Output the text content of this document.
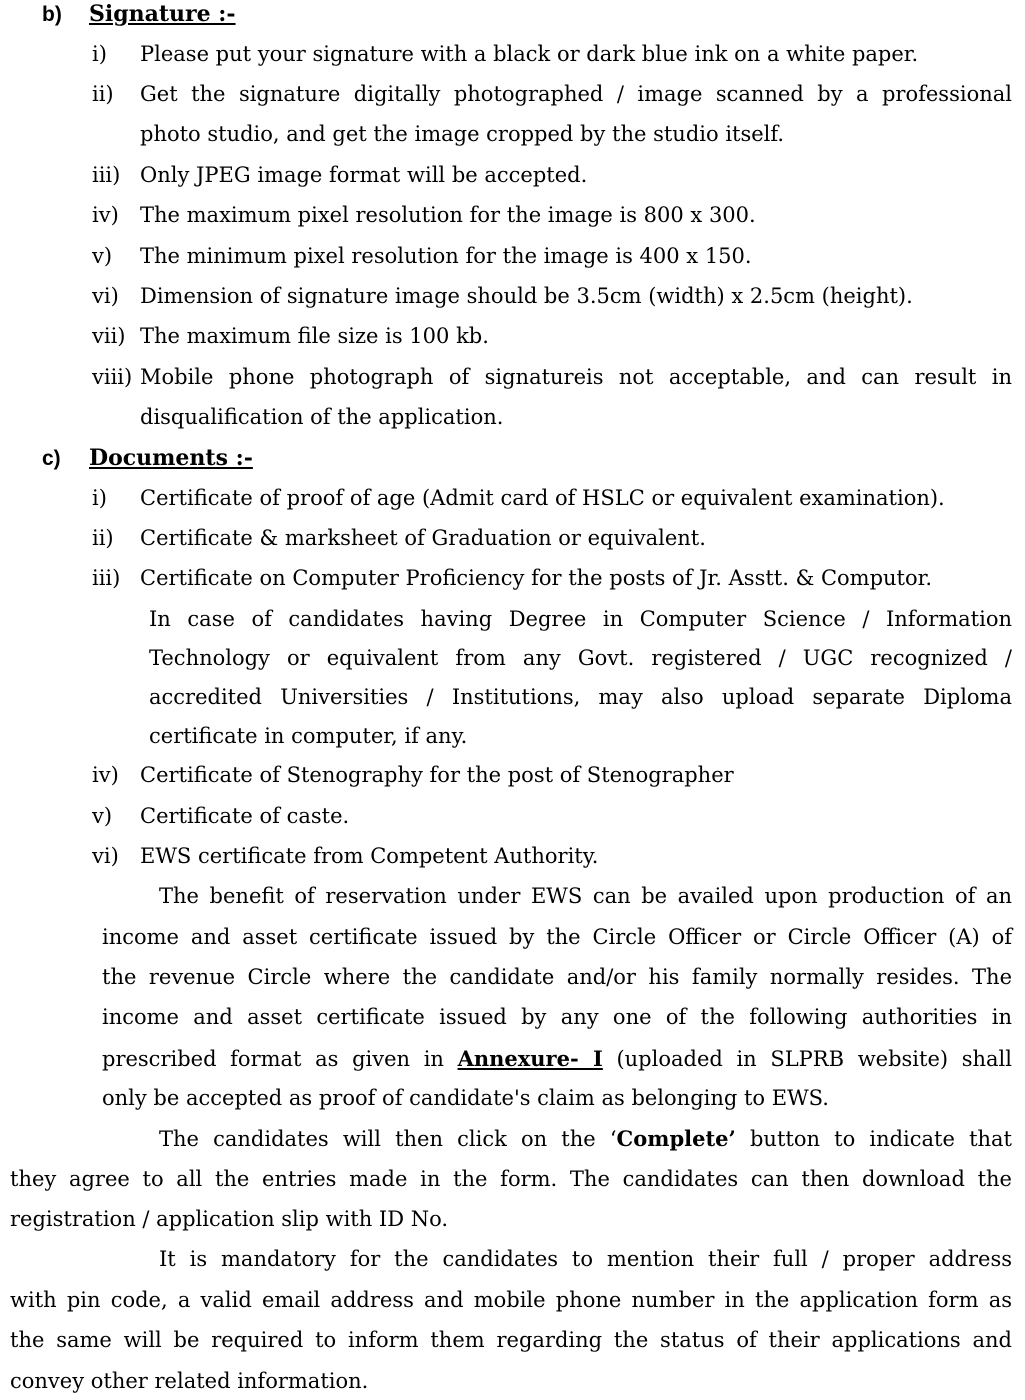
b) Signature :-
i)	Please put your signature with a black or dark blue ink on a white paper.
ii)	Get the signature digitally photographed / image scanned by a professional
photo studio, and get the image cropped by the studio itself.
iii) Only JPEG image format will be accepted.
iv)	The maximum pixel resolution for the image is 800 x 300.
v)	The minimum pixel resolution for the image is 400 x 150.
vi)	Dimension of signature image should be 3.5cm (width) x 2.5cm (height).
vii) The maximum file size is 100 kb.
viii) Mobile phone photograph of signatureis not acceptable, and can result in
disqualification of the application.
c) Documents :-
i)	Certificate of proof of age (Admit card of HSLC or equivalent examination).
ii)	Certificate & marksheet of Graduation or equivalent.
iii) Certificate on Computer Proficiency for the posts of Jr. Asstt. & Computor.
In case of candidates having Degree in Computer Science / Information
Technology or equivalent from any Govt. registered / UGC recognized /
accredited Universities / Institutions, may also upload separate Diploma
certificate in computer, if any.
iv)	Certificate of Stenography for the post of Stenographer
v)	Certificate of caste.
vi)	EWS certificate from Competent Authority.
The benefit of reservation under EWS can be availed upon production of an
income and asset certificate issued by the Circle Officer or Circle Officer (A) of
the revenue Circle where the candidate and/or his family normally resides. The
income and asset certificate issued by any one of the following authorities in
prescribed format as given in Annexure- I (uploaded in SLPRB website) shall
only be accepted as proof of candidate's claim as belonging to EWS.
The candidates will then click on the ‘Complete’ button to indicate that
they agree to all the entries made in the form. The candidates can then download the
registration / application slip with ID No.
It is mandatory for the candidates to mention their full / proper address
with pin code, a valid email address and mobile phone number in the application form as
the same will be required to inform them regarding the status of their applications and
convey other related information.
